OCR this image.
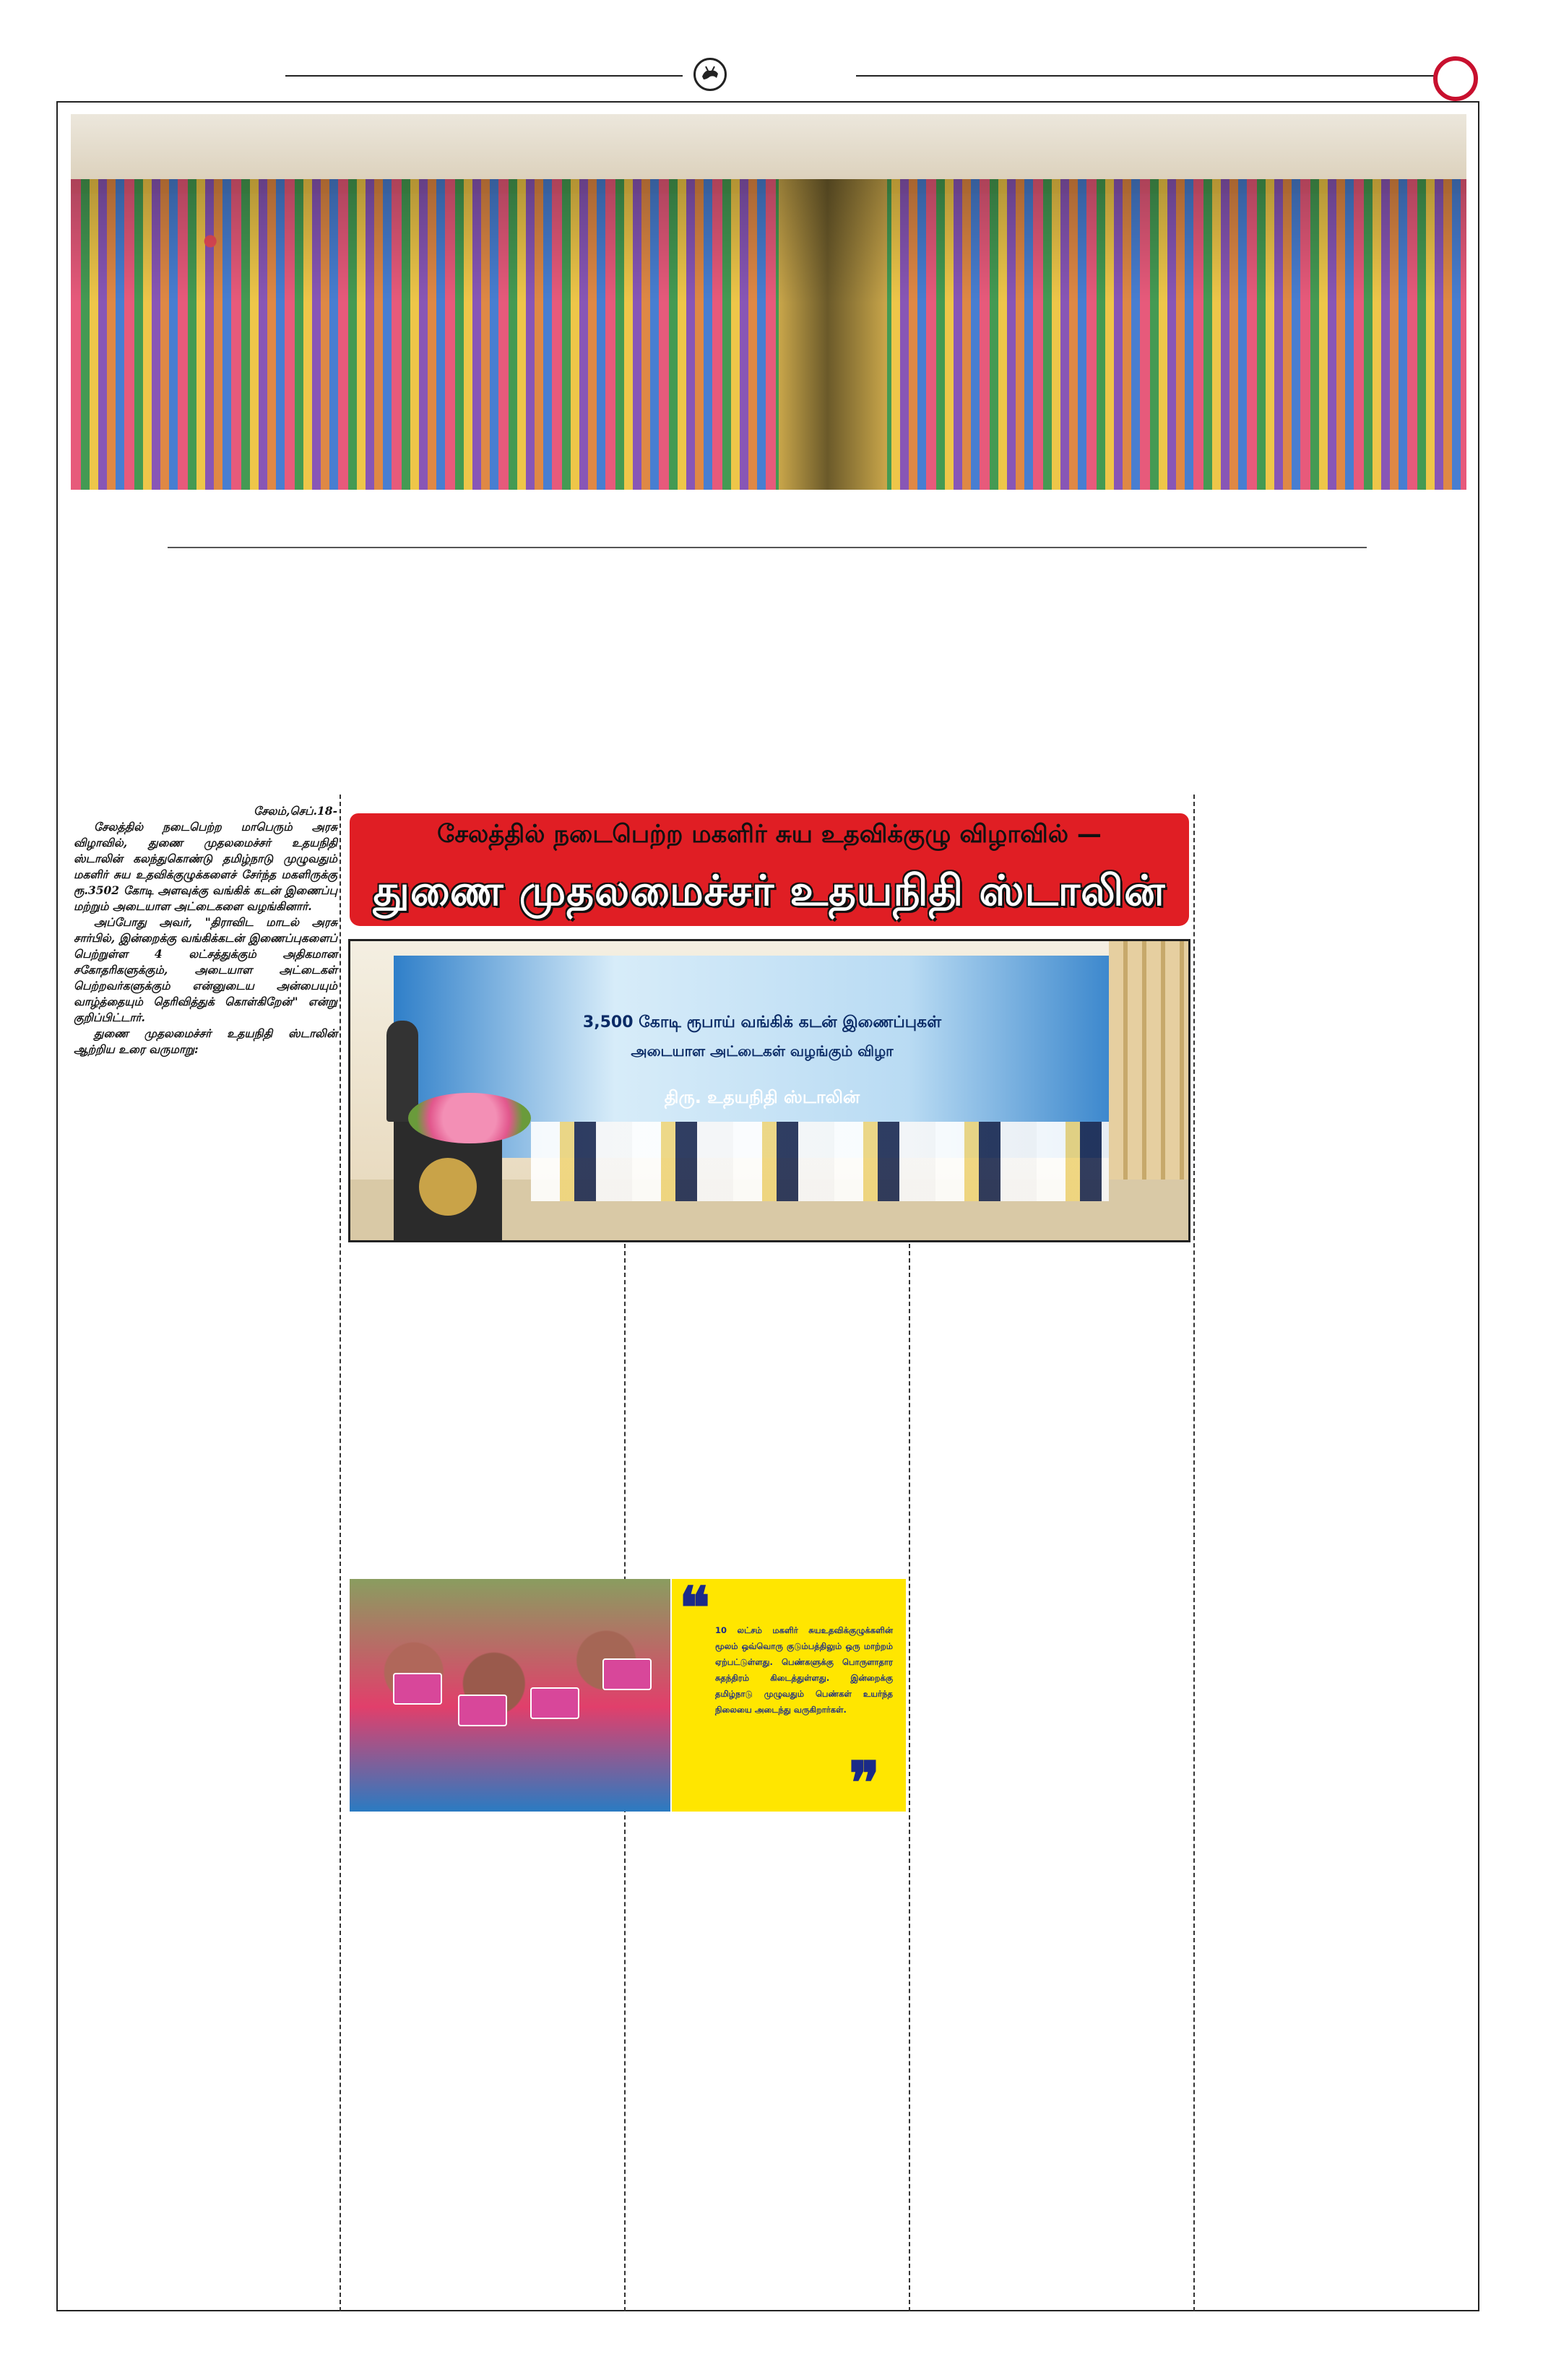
சேலம்,செப்.18-

சேலத்தில் நடைபெற்ற மாபெரும் அரசு விழாவில், துணை முதலமைச்சர் உதயநிதி ஸ்டாலின் கலந்துகொண்டு தமிழ்நாடு முழுவதும் மகளிர் சுய உதவிக்குழுக்களைச் சேர்ந்த மகளிருக்கு ரூ.3502 கோடி அளவுக்கு வங்கிக் கடன் இணைப்பு மற்றும் அடையாள அட்டைகளை வழங்கினார்.

அப்போது அவர், "திராவிட மாடல் அரசு சார்பில், இன்றைக்கு வங்கிக்கடன் இணைப்புகளைப் பெற்றுள்ள 4 லட்சத்துக்கும் அதிகமான சகோதரிகளுக்கும், அடையாள அட்டைகள் பெற்றவர்களுக்கும் என்னுடைய அன்பையும் வாழ்த்தையும் தெரிவித்துக் கொள்கிறேன்" என்று குறிப்பிட்டார்.

துணை முதலமைச்சர் உதயநிதி ஸ்டாலின் ஆற்றிய உரை வருமாறு:

சேலத்தில் நடைபெற்ற மகளிர் சுய உதவிக்குழு விழாவில் —
துணை முதலமைச்சர் உதயநிதி ஸ்டாலின்
3,500 கோடி ரூபாய் வங்கிக் கடன் இணைப்புகள்
அடையாள அட்டைகள் வழங்கும் விழா
திரு. உதயநிதி ஸ்டாலின்
❝ 10 லட்சம் மகளிர் சுயஉதவிக்குழுக்களின் மூலம் ஒவ்வொரு குடும்பத்திலும் ஒரு மாற்றம் ஏற்பட்டுள்ளது. பெண்களுக்கு பொருளாதார சுதந்திரம் கிடைத்துள்ளது. இன்றைக்கு தமிழ்நாடு முழுவதும் பெண்கள் உயர்ந்த நிலையை அடைந்து வருகிறார்கள்.
❞
